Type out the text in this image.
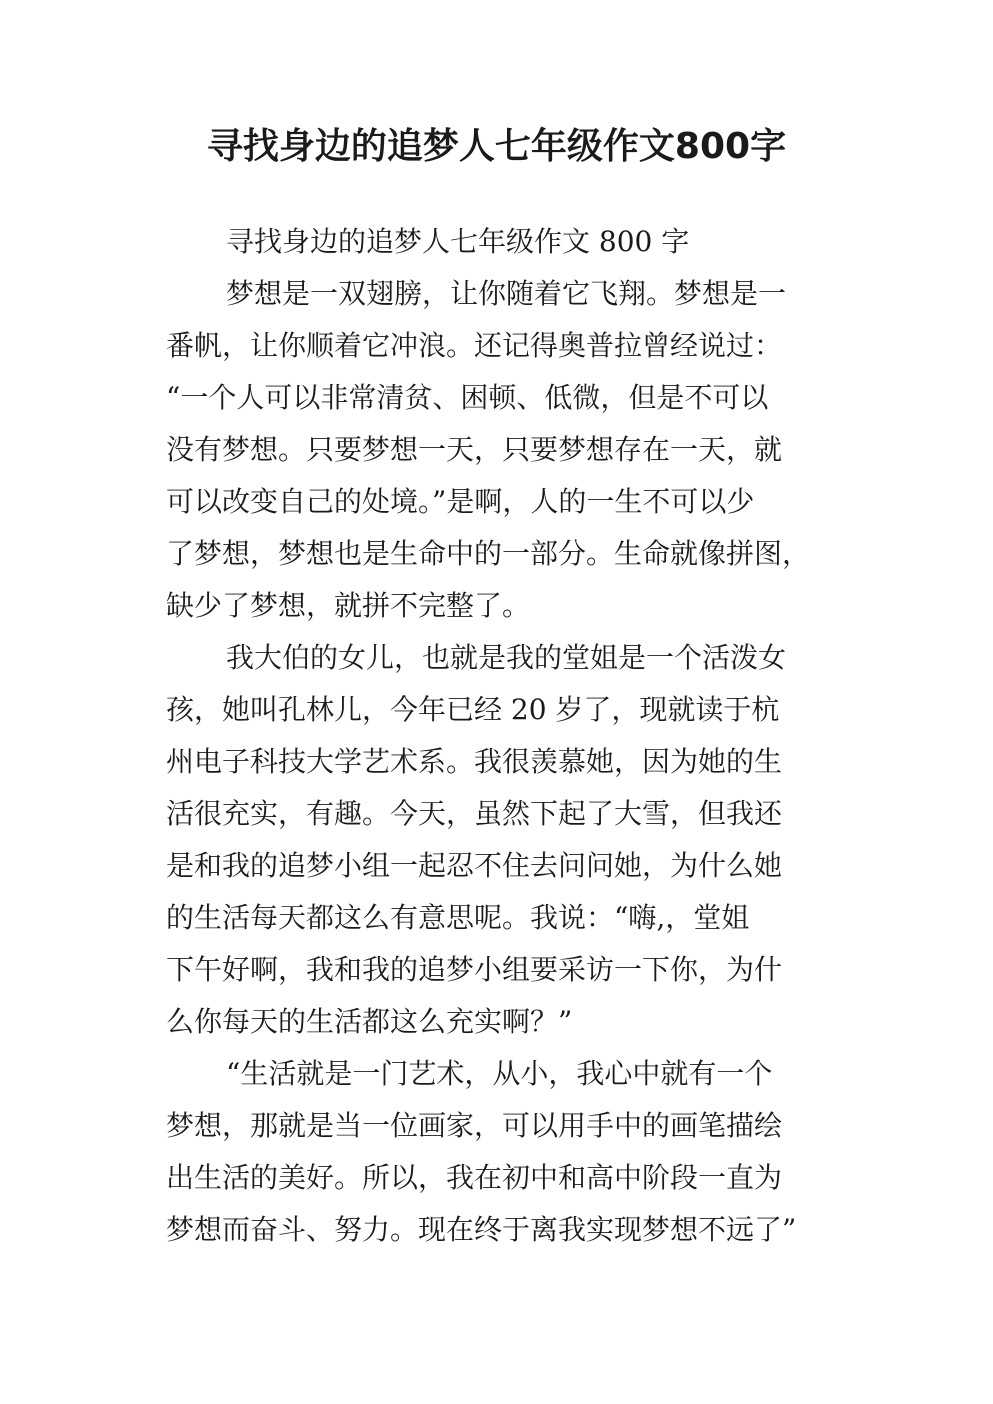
寻找身边的追梦人七年级作文800字
寻找身边的追梦人七年级作文 800 字
梦想是一双翅膀，让你随着它飞翔。梦想是一
番帆，让你顺着它冲浪。还记得奥普拉曾经说过：
“一个人可以非常清贫、困顿、低微，但是不可以
没有梦想。只要梦想一天，只要梦想存在一天，就
可以改变自己的处境。”是啊，人的一生不可以少
了梦想，梦想也是生命中的一部分。生命就像拼图，
缺少了梦想，就拼不完整了。
我大伯的女儿，也就是我的堂姐是一个活泼女
孩，她叫孔林儿，今年已经 20 岁了，现就读于杭
州电子科技大学艺术系。我很羡慕她，因为她的生
活很充实，有趣。今天，虽然下起了大雪，但我还
是和我的追梦小组一起忍不住去问问她，为什么她
的生活每天都这么有意思呢。我说：“嗨,，堂姐
下午好啊，我和我的追梦小组要采访一下你，为什
么你每天的生活都这么充实啊？”
“生活就是一门艺术，从小，我心中就有一个
梦想，那就是当一位画家，可以用手中的画笔描绘
出生活的美好。所以，我在初中和高中阶段一直为
梦想而奋斗、努力。现在终于离我实现梦想不远了”
